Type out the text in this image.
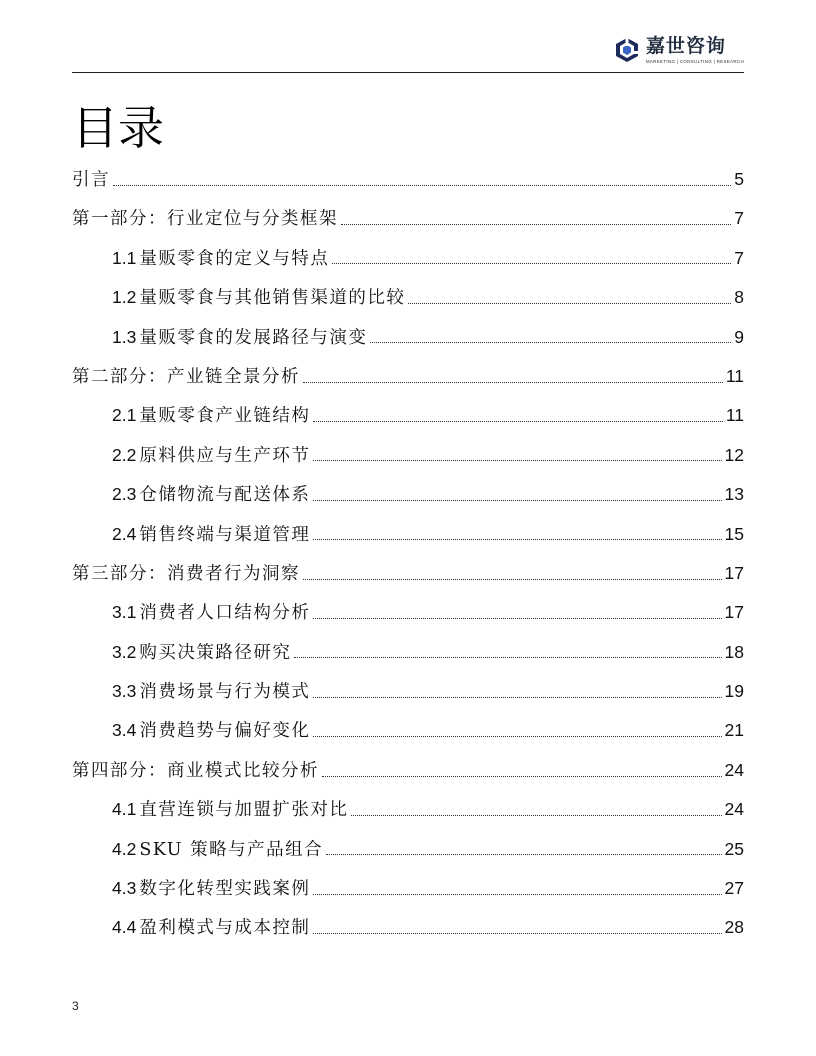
嘉世咨询
MARKETING | CONSULTING | RESEARCH
目录
引言	5
第一部分：行业定位与分类框架	7
1.1 量贩零食的定义与特点	7
1.2 量贩零食与其他销售渠道的比较	8
1.3 量贩零食的发展路径与演变	9
第二部分：产业链全景分析	11
2.1 量贩零食产业链结构	11
2.2 原料供应与生产环节	12
2.3 仓储物流与配送体系	13
2.4 销售终端与渠道管理	15
第三部分：消费者行为洞察	17
3.1 消费者人口结构分析	17
3.2 购买决策路径研究	18
3.3 消费场景与行为模式	19
3.4 消费趋势与偏好变化	21
第四部分：商业模式比较分析	24
4.1 直营连锁与加盟扩张对比	24
4.2 SKU 策略与产品组合	25
4.3 数字化转型实践案例	27
4.4 盈利模式与成本控制	28
3
